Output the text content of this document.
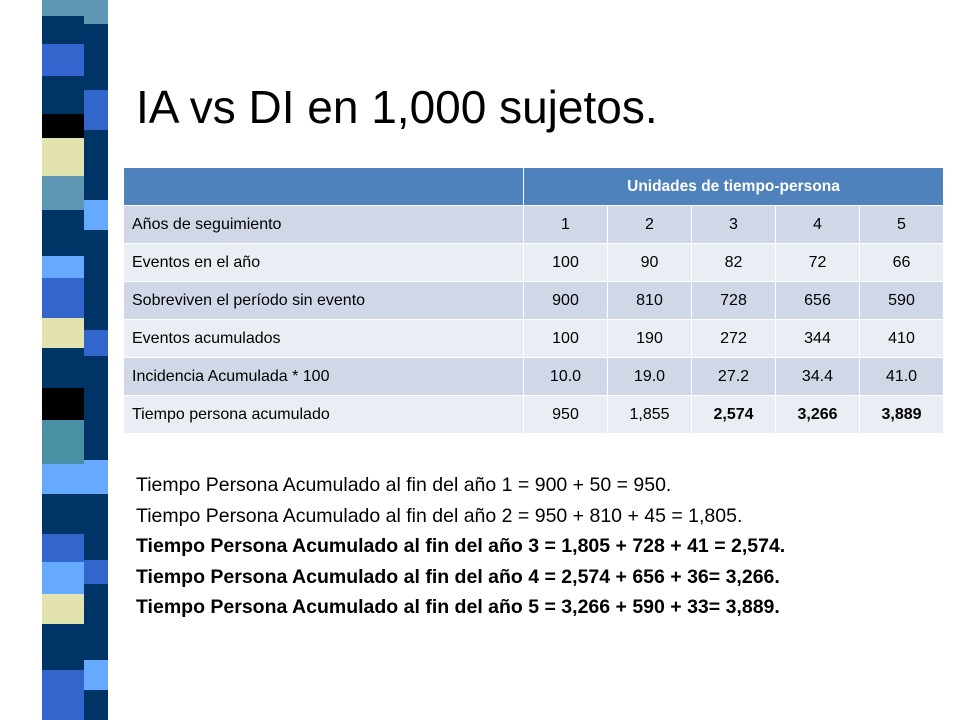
IA vs DI en 1,000 sujetos.
	Unidades de tiempo-persona				
Años de seguimiento	1	2	3	4	5
Eventos en el año	100	90	82	72	66
Sobreviven el período sin evento	900	810	728	656	590
Eventos acumulados	100	190	272	344	410
Incidencia Acumulada * 100	10.0	19.0	27.2	34.4	41.0
Tiempo persona acumulado	950	1,855	2,574	3,266	3,889
Tiempo Persona Acumulado al fin del año 1 = 900 + 50 = 950.
Tiempo Persona Acumulado al fin del año 2 = 950 + 810 + 45 = 1,805.
Tiempo Persona Acumulado al fin del año 3 = 1,805 + 728 + 41 = 2,574.
Tiempo Persona Acumulado al fin del año 4 = 2,574 + 656 + 36= 3,266.
Tiempo Persona Acumulado al fin del año 5 = 3,266 + 590 + 33= 3,889.
